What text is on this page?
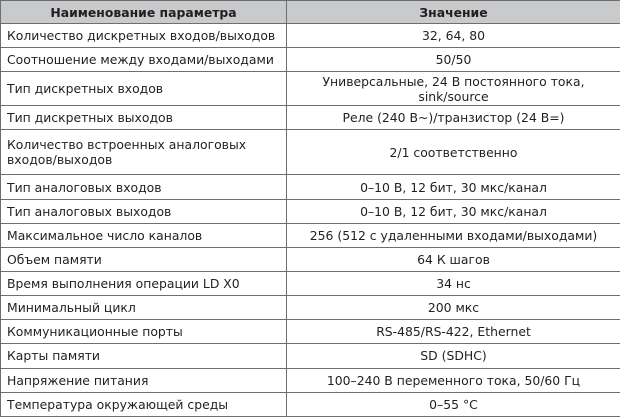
Наименование параметра	Значение
Количество дискретных входов/выходов	32, 64, 80
Соотношение между входами/выходами	50/50
Тип дискретных входов	Универсальные, 24 В постоянного тока, sink/source
Тип дискретных выходов	Реле (240 В~)/транзистор (24 В=)
Количество встроенных аналоговых входов/выходов	2/1 соответственно
Тип аналоговых входов	0–10 В, 12 бит, 30 мкс/канал
Тип аналоговых выходов	0–10 В, 12 бит, 30 мкс/канал
Максимальное число каналов	256 (512 с удаленными входами/выходами)
Объем памяти	64 К шагов
Время выполнения операции LD X0	34 нс
Минимальный цикл	200 мкс
Коммуникационные порты	RS-485/RS-422, Ethernet
Карты памяти	SD (SDHC)
Напряжение питания	100–240 В переменного тока, 50/60 Гц
Температура окружающей среды	0–55 °С
